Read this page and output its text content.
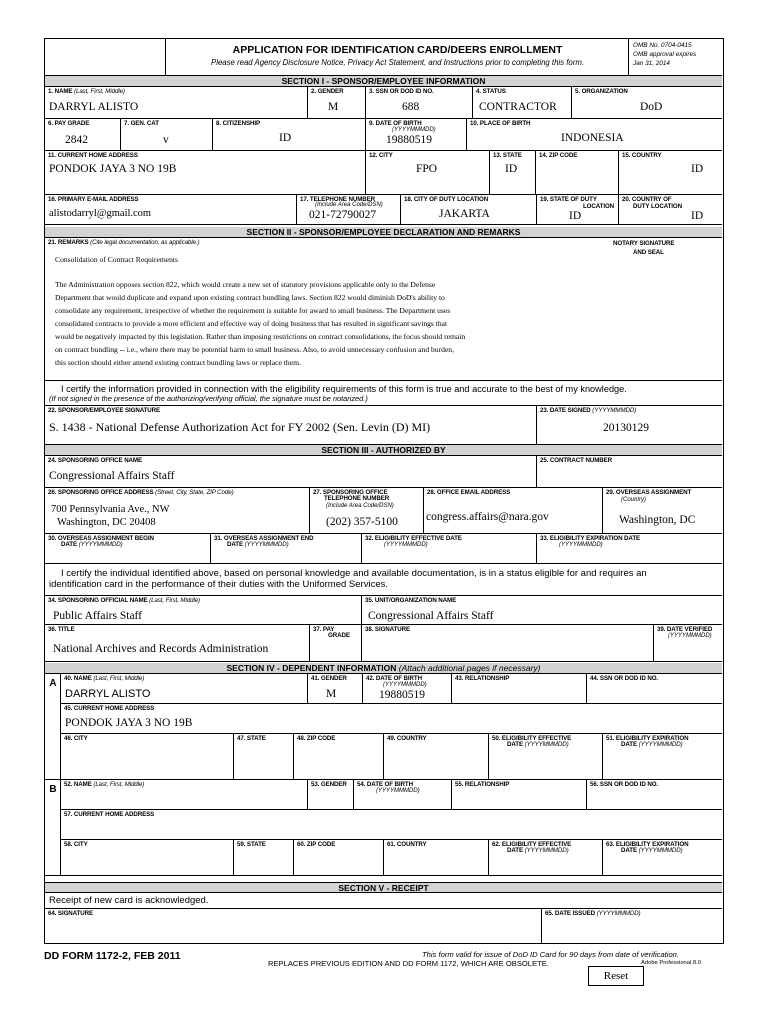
APPLICATION FOR IDENTIFICATION CARD/DEERS ENROLLMENT
Please read Agency Disclosure Notice, Privacy Act Statement, and Instructions prior to completing this form.
OMB No. 0704-0415
OMB approval expires
Jan 31, 2014
SECTION I - SPONSOR/EMPLOYEE INFORMATION
1. NAME (Last, First, Middle)
DARRYL ALISTO
2. GENDER
M
3. SSN OR DOD ID NO.
688
4. STATUS
CONTRACTOR
5. ORGANIZATION
DoD
6. PAY GRADE
2842
7. GEN. CAT
v
8. CITIZENSHIP
ID
9. DATE OF BIRTH
(YYYYMMMDD)
19880519
10. PLACE OF BIRTH
INDONESIA
11. CURRENT HOME ADDRESS
PONDOK JAYA 3 NO 19B
12. CITY
FPO
13. STATE
ID
14. ZIP CODE	15. COUNTRY
ID
16. PRIMARY E-MAIL ADDRESS
alistodarryl@gmail.com
17. TELEPHONE NUMBER
(Include Area Code/DSN)
021-72790027
18. CITY OF DUTY LOCATION
JAKARTA
19. STATE OF DUTY
LOCATION
ID
20. COUNTRY OF
DUTY LOCATION
ID
SECTION II - SPONSOR/EMPLOYEE DECLARATION AND REMARKS
21. REMARKS (Cite legal documentation, as applicable.)	NOTARY SIGNATURE
AND SEAL
Consolidation of Contract Requirements
The Administration opposes section 822, which would create a new set of statutory provisions applicable only to the Defense
Department that would duplicate and expand upon existing contract bundling laws. Section 822 would diminish DoD's ability to
consolidate any requirement, irrespective of whether the requirement is suitable for award to small business. The Department uses
consolidated contracts to provide a more efficient and effective way of doing business that has resulted in significant savings that
would be negatively impacted by this legislation. Rather than imposing restrictions on contract consolidations, the focus should remain
on contract bundling -- i.e., where there may be potential harm to small business. Also, to avoid unnecessary confusion and burden,
this section should either amend existing contract bundling laws or replace them.
I certify the information provided in connection with the eligibility requirements of this form is true and accurate to the best of my knowledge.
(If not signed in the presence of the authorizing/verifying official, the signature must be notarized.)
22. SPONSOR/EMPLOYEE SIGNATURE
S. 1438 - National Defense Authorization Act for FY 2002 (Sen. Levin (D) MI)
23. DATE SIGNED (YYYYMMMDD)
20130129
SECTION III - AUTHORIZED BY
24. SPONSORING OFFICE NAME
Congressional Affairs Staff
25. CONTRACT NUMBER
26. SPONSORING OFFICE ADDRESS (Street, City, State, ZIP Code)
700 Pennsylvania Ave., NW
Washington, DC 20408
27. SPONSORING OFFICE
TELEPHONE NUMBER
(Include Area Code/DSN)
(202) 357-5100
28. OFFICE EMAIL ADDRESS
congress.affairs@nara.gov
29. OVERSEAS ASSIGNMENT
(Country)
Washington, DC
30. OVERSEAS ASSIGNMENT BEGIN
DATE (YYYYMMMDD)
31. OVERSEAS ASSIGNMENT END
DATE (YYYYMMMDD)
32. ELIGIBILITY EFFECTIVE DATE
(YYYYMMMDD)
33. ELIGIBILITY EXPIRATION DATE
(YYYYMMMDD)
I certify the individual identified above, based on personal knowledge and available documentation, is in a status eligible for and requires an
identification card in the performance of their duties with the Uniformed Services.
34. SPONSORING OFFICIAL NAME (Last, First, Middle)
Public Affairs Staff
35. UNIT/ORGANIZATION NAME
Congressional Affairs Staff
36. TITLE
National Archives and Records Administration
37. PAY
GRADE
38. SIGNATURE	39. DATE VERIFIED
(YYYYMMMDD)
SECTION IV - DEPENDENT INFORMATION (Attach additional pages if necessary)
A	40. NAME (Last, First, Middle)
DARRYL ALISTO
41. GENDER
M
42. DATE OF BIRTH
(YYYYMMMDD)
19880519
43. RELATIONSHIP	44. SSN OR DOD ID NO.
45. CURRENT HOME ADDRESS
PONDOK JAYA 3 NO 19B
46. CITY	47. STATE	48. ZIP CODE	49. COUNTRY	50. ELIGIBILITY EFFECTIVE
DATE (YYYYMMMDD)
51. ELIGIBILITY EXPIRATION
DATE (YYYYMMMDD)
B	52. NAME (Last, First, Middle)	53. GENDER 54. DATE OF BIRTH
(YYYYMMMDD)
55. RELATIONSHIP	56. SSN OR DOD ID NO.
57. CURRENT HOME ADDRESS
58. CITY	59. STATE	60. ZIP CODE	61. COUNTRY	62. ELIGIBILITY EFFECTIVE
DATE (YYYYMMMDD)
63. ELIGIBILITY EXPIRATION
DATE (YYYYMMMDD)
SECTION V - RECEIPT
Receipt of new card is acknowledged.
64. SIGNATURE	65. DATE ISSUED (YYYYMMMDD)
DD FORM 1172-2, FEB 2011	This form valid for issue of DoD ID Card for 90 days from date of verification.
REPLACES PREVIOUS EDITION AND DD FORM 1172, WHICH ARE OBSOLETE.	Adobe Professional 8.0
Reset
